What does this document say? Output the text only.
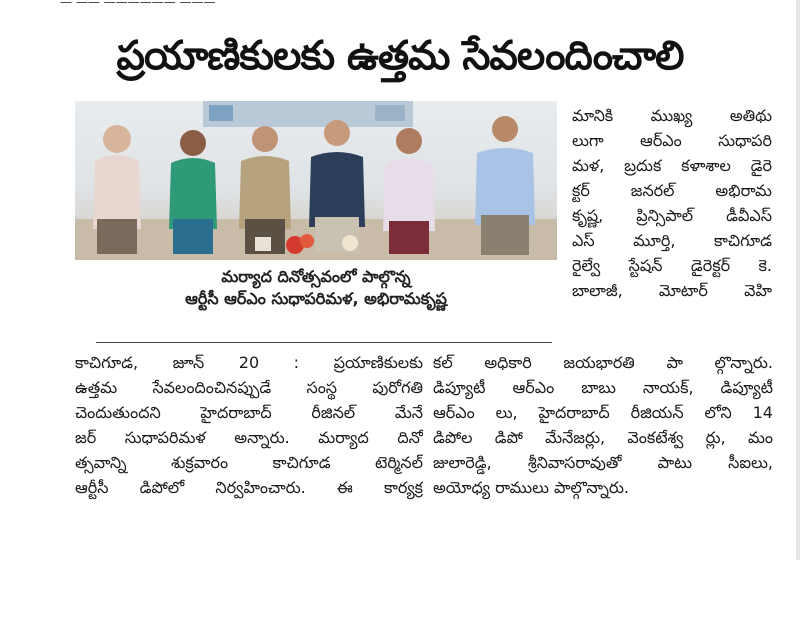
ప్రయాణికులకు ఉత్తమ సేవలందించాలి
మర్యాద దినోత్సవంలో పాల్గొన్న
ఆర్టీసీ ఆర్ఎం సుధాపరిమళ, అభిరామకృష్ణ
మానికి ముఖ్య అతిథు
లుగా ఆర్ఎం సుధాపరి
మళ, బ్రదుక కళాశాల డైరె
క్టర్ జనరల్ అభిరామ
కృష్ణ, ప్రిన్సిపాల్ డీవీఎస్
ఎస్ మూర్తి, కాచిగూడ
రైల్వే స్టేషన్ డైరెక్టర్ కె.
బాలాజీ, మోటార్ వెహి
కాచిగూడ, జూన్ 20 : ప్రయాణికులకు
ఉత్తమ సేవలందించినప్పుడే సంస్థ పురోగతి
చెందుతుందని హైదరాబాద్ రీజినల్ మేనే
జర్ సుధాపరిమళ అన్నారు. మర్యాద దినో
త్సవాన్ని శుక్రవారం కాచిగూడ టెర్మినల్
ఆర్టీసీ డిపోలో నిర్వహించారు. ఈ కార్యక్ర
కల్ అధికారి జయభారతి పా ల్గొన్నారు.
డిప్యూటీ ఆర్ఎం బాబు నాయక్, డిప్యూటీ
ఆర్ఎం లు, హైదరాబాద్ రీజియన్ లోని 14
డిపోల డిపో మేనేజర్లు, వెంకటేశ్వ ర్లు, మం
జులారెడ్డి, శ్రీనివాసరావుతో పాటు సీఐలు,
అయోధ్య రాములు పాల్గొన్నారు.
